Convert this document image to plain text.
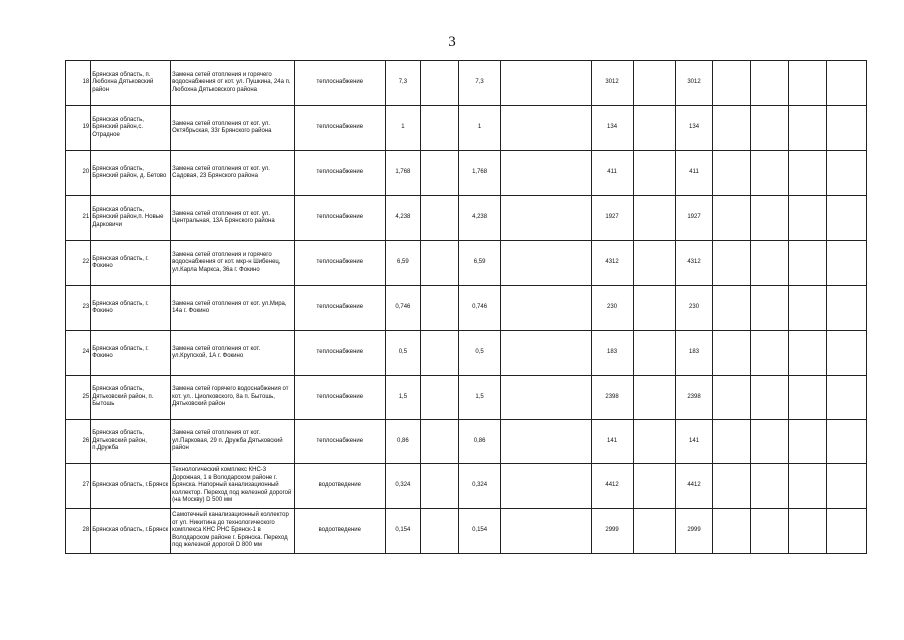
3
18	Брянская область, п. Любохна Дятьковский район	Замена сетей отопления и горячего водоснабжения от кот. ул. Пушкина, 24а п. Любохна Дятьковского района	теплоснабжение	7,3		7,3		3012		3012				
19	Брянская область, Брянский район,с. Отрадное	Замена сетей отопления от кот. ул. Октябрьская, 33г Брянского района	теплоснабжение	1		1		134		134				
20	Брянская область, Брянский район, д. Бетово	Замена сетей отопления от кот. ул. Садовая, 23 Брянского района	теплоснабжение	1,768		1,768		411		411				
21	Брянская область, Брянский район,п. Новые Дарковичи	Замена сетей отопления от кот. ул. Центральная, 13А Брянского района	теплоснабжение	4,238		4,238		1927		1927				
22	Брянская область, г. Фокино	Замена сетей отопления и горячего водоснабжения от кот. мкр-н Шибенец, ул.Карла Маркса, 36а г. Фокино	теплоснабжение	6,59		6,59		4312		4312				
23	Брянская область, г. Фокино	Замена сетей отопления от кот. ул.Мира, 14а г. Фокино	теплоснабжение	0,746		0,746		230		230				
24	Брянская область, г. Фокино	Замена сетей отопления от кот. ул.Крупской, 1А г. Фокино	теплоснабжение	0,5		0,5		183		183				
25	Брянская область, Дятьковский район, п. Бытошь	Замена сетей горячего водоснабжения от кот. ул.. Циолковского, 8а п. Бытошь, Дятьковский район	теплоснабжение	1,5		1,5		2398		2398				
26	Брянская область, Дятьковский район, п.Дружба	Замена сетей отопления от кот. ул.Парковая, 29 п. Дружба Дятьковский район	теплоснабжение	0,86		0,86		141		141				
27	Брянская область, г.Брянск	Технологический комплекс КНС-3 Дорожная, 1 в Володарском районе г. Брянска. Напорный канализационный коллектор. Переход под железной дорогой (на Москву) D 500 мм	водоотведение	0,324		0,324		4412		4412				
28	Брянская область, г.Брянск	Самотечный канализационный коллектор от ул. Никитина до технологического комплекса КНС РНС Брянск-1 в Володарском районе г. Брянска. Переход под железной дорогой D 800 мм	водоотведение	0,154		0,154		2999		2999				
